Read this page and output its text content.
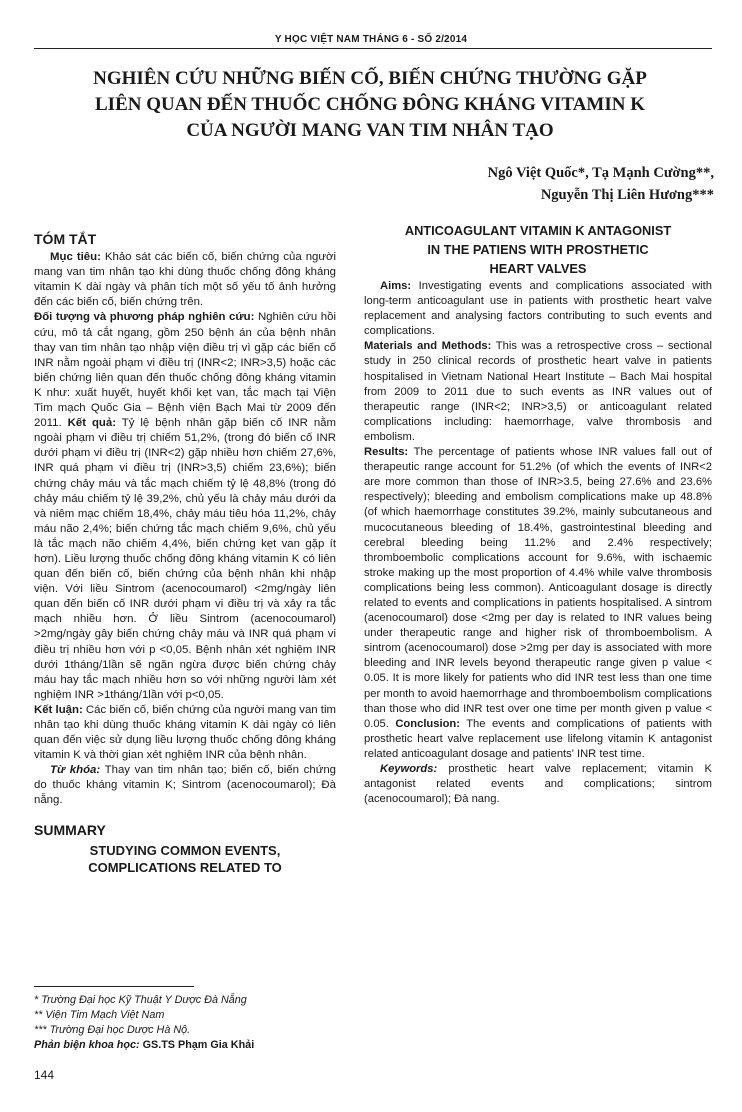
Y HỌC VIỆT NAM THÁNG 6 - SỐ 2/2014
NGHIÊN CỨU NHỮNG BIẾN CỐ, BIẾN CHỨNG THƯỜNG GẶP
LIÊN QUAN ĐẾN THUỐC CHỐNG ĐÔNG KHÁNG VITAMIN K
CỦA NGƯỜI MANG VAN TIM NHÂN TẠO
Ngô Việt Quốc*, Tạ Mạnh Cường**,
Nguyễn Thị Liên Hương***
TÓM TẮT

Mục tiêu: Khảo sát các biến cố, biến chứng của người mang van tim nhân tạo khi dùng thuốc chống đông kháng vitamin K dài ngày và phân tích một số yếu tố ảnh hưởng đến các biến cố, biến chứng trên.

Đối tượng và phương pháp nghiên cứu: Nghiên cứu hồi cứu, mô tả cắt ngang, gồm 250 bệnh án của bệnh nhân thay van tim nhân tạo nhập viện điều trị vì gặp các biến cố INR nằm ngoài phạm vi điều trị (INR<2; INR>3,5) hoặc các biến chứng liên quan đến thuốc chống đông kháng vitamin K như: xuất huyết, huyết khối kẹt van, tắc mạch tại Viện Tim mạch Quốc Gia – Bệnh viện Bạch Mai từ 2009 đến 2011. Kết quả: Tỷ lệ bệnh nhân gặp biến cố INR nằm ngoài phạm vi điều trị chiếm 51,2%, (trong đó biến cố INR dưới phạm vi điều trị (INR<2) gặp nhiều hơn chiếm 27,6%, INR quá phạm vi điều trị (INR>3,5) chiếm 23,6%); biến chứng chảy máu và tắc mạch chiếm tỷ lệ 48,8% (trong đó chảy máu chiếm tỷ lệ 39,2%, chủ yếu là chảy máu dưới da và niêm mạc chiếm 18,4%, chảy máu tiêu hóa 11,2%, chảy máu não 2,4%; biến chứng tắc mạch chiếm 9,6%, chủ yếu là tắc mạch não chiếm 4,4%, biến chứng kẹt van gặp ít hơn). Liều lượng thuốc chống đông kháng vitamin K có liên quan đến biến cố, biến chứng của bệnh nhân khi nhập viện. Với liều Sintrom (acenocoumarol) <2mg/ngày liên quan đến biến cố INR dưới phạm vi điều trị và xảy ra tắc mạch nhiều hơn. Ở liều Sintrom (acenocoumarol) >2mg/ngày gây biến chứng chảy máu và INR quá phạm vi điều trị nhiều hơn với p <0,05. Bệnh nhân xét nghiệm INR dưới 1tháng/1lần sẽ ngăn ngừa được biến chứng chảy máu hay tắc mạch nhiều hơn so với những người làm xét nghiệm INR >1tháng/1lần với p<0,05.

Kết luận: Các biến cố, biến chứng của người mang van tim nhân tạo khi dùng thuốc kháng vitamin K dài ngày có liên quan đến việc sử dụng liều lượng thuốc chống đông kháng vitamin K và thời gian xét nghiệm INR của bệnh nhân.

Từ khóa: Thay van tim nhân tạo; biến cố, biến chứng do thuốc kháng vitamin K; Sintrom (acenocoumarol); Đà nẵng.

SUMMARY
STUDYING COMMON EVENTS,
COMPLICATIONS RELATED TO
ANTICOAGULANT VITAMIN K ANTAGONIST
IN THE PATIENS WITH PROSTHETIC
HEART VALVES

Aims: Investigating events and complications associated with long-term anticoagulant use in patients with prosthetic heart valve replacement and analysing factors contributing to such events and complications.

Materials and Methods: This was a retrospective cross – sectional study in 250 clinical records of prosthetic heart valve in patients hospitalised in Vietnam National Heart Institute – Bach Mai hospital from 2009 to 2011 due to such events as INR values out of therapeutic range (INR<2; INR>3,5) or anticoagulant related complications including: haemorrhage, valve thrombosis and embolism.

Results: The percentage of patients whose INR values fall out of therapeutic range account for 51.2% (of which the events of INR<2 are more common than those of INR>3.5, being 27.6% and 23.6% respectively); bleeding and embolism complications make up 48.8% (of which haemorrhage constitutes 39.2%, mainly subcutaneous and mucocutaneous bleeding of 18.4%, gastrointestinal bleeding and cerebral bleeding being 11.2% and 2.4% respectively; thromboembolic complications account for 9.6%, with ischaemic stroke making up the most proportion of 4.4% while valve thrombosis complications being less common). Anticoagulant dosage is directly related to events and complications in patients hospitalised. A sintrom (acenocoumarol) dose <2mg per day is related to INR values being under therapeutic range and higher risk of thromboembolism. A sintrom (acenocoumarol) dose >2mg per day is associated with more bleeding and INR levels beyond therapeutic range given p value < 0.05. It is more likely for patients who did INR test less than one time per month to avoid haemorrhage and thromboembolism complications than those who did INR test over one time per month given p value < 0.05. Conclusion: The events and complications of patients with prosthetic heart valve replacement use lifelong vitamin K antagonist related anticoagulant dosage and patients' INR test time.

Keywords: prosthetic heart valve replacement; vitamin K antagonist related events and complications; sintrom (acenocoumarol); Đà nang.

* Trường Đại học Kỹ Thuật Y Dược Đà Nẵng
** Viện Tim Mạch Việt Nam
*** Trường Đại học Dược Hà Nộ.
Phản biện khoa học: GS.TS Phạm Gia Khải
144
